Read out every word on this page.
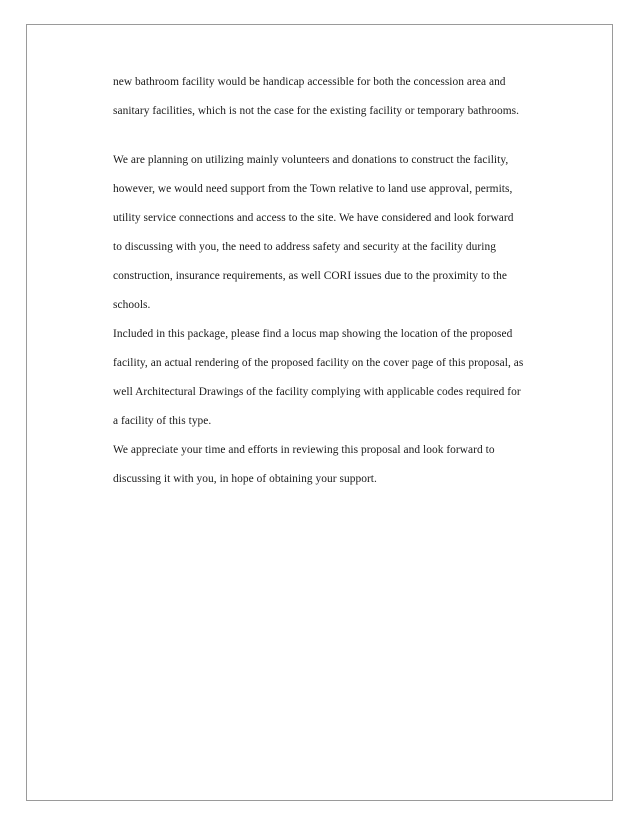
new bathroom facility would be handicap accessible for both the concession area and

sanitary facilities, which is not the case for the existing facility or temporary bathrooms.

We are planning on utilizing mainly volunteers and donations to construct the facility,

however, we would need support from the Town relative to land use approval, permits,

utility service connections and access to the site. We have considered and look forward

to discussing with you, the need to address safety and security at the facility during

construction, insurance requirements, as well CORI issues due to the proximity to the

schools.

Included in this package, please find a locus map showing the location of the proposed

facility, an actual rendering of the proposed facility on the cover page of this proposal, as

well Architectural Drawings of the facility complying with applicable codes required for

a facility of this type.

We appreciate your time and efforts in reviewing this proposal and look forward to

discussing it with you, in hope of obtaining your support.
